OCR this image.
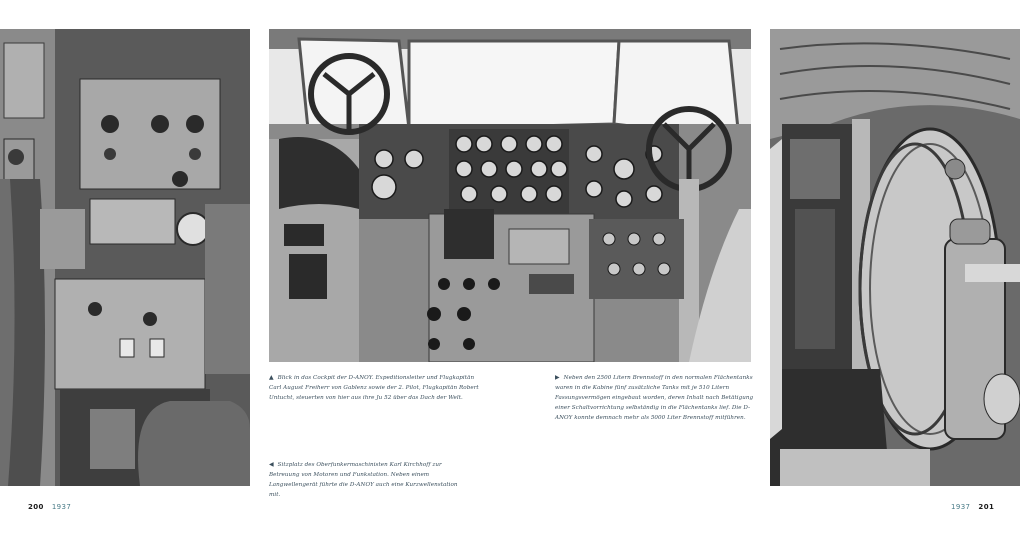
▲ Blick in das Cockpit der D-ANOY. Expeditionsleiter und Flugkapitän Carl August Freiherr von Gablenz sowie der 2. Pilot, Flugkapitän Robert Untucht, steuerten von hier aus ihre Ju 52 über das Dach der Welt.
▶ Neben den 2500 Litern Brennstoff in den normalen Flächentanks waren in die Kabine fünf zusätzliche Tanks mit je 510 Litern Fassungsvermögen eingebaut worden, deren Inhalt nach Betätigung einer Schaltvorrichtung selbständig in die Flächentanks lief. Die D-ANOY konnte demnach mehr als 5000 Liter Brennstoff mitführen.
◀ Sitzplatz des Oberfunkermaschinisten Karl Kirchhoff zur Betreuung von Motoren und Funkstation. Neben einem Langwellengerät führte die D-ANOY auch eine Kurzwellenstation mit.
200 1937	1937 201
